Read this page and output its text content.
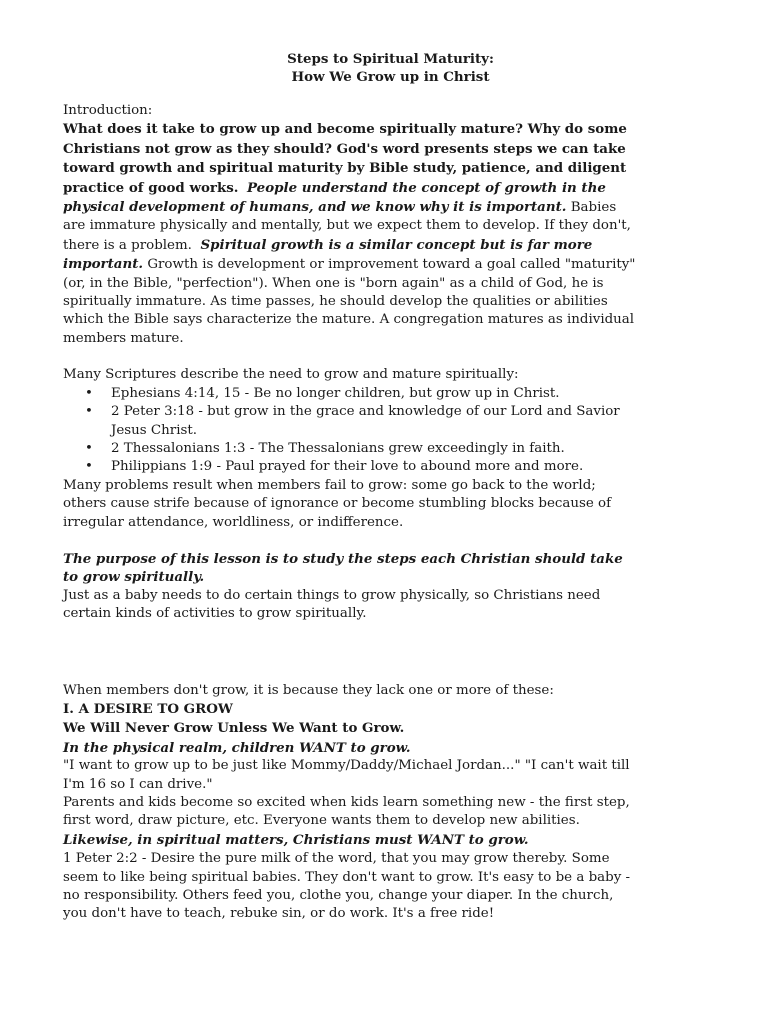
Steps to Spiritual Maturity:
How We Grow up in Christ

Introduction:

What does it take to grow up and become spiritually mature? Why do some Christians not grow as they should? God's word presents steps we can take toward growth and spiritual maturity by Bible study, patience, and diligent practice of good works. People understand the concept of growth in the physical development of humans, and we know why it is important. Babies are immature physically and mentally, but we expect them to develop. If they don't, there is a problem. Spiritual growth is a similar concept but is far more important. Growth is development or improvement toward a goal called "maturity" (or, in the Bible, "perfection"). When one is "born again" as a child of God, he is spiritually immature. As time passes, he should develop the qualities or abilities which the Bible says characterize the mature. A congregation matures as individual members mature.

Many Scriptures describe the need to grow and mature spiritually:

• Ephesians 4:14, 15 - Be no longer children, but grow up in Christ.
• 2 Peter 3:18 - but grow in the grace and knowledge of our Lord and Savior Jesus Christ.
• 2 Thessalonians 1:3 - The Thessalonians grew exceedingly in faith.
• Philippians 1:9 - Paul prayed for their love to abound more and more.

Many problems result when members fail to grow: some go back to the world; others cause strife because of ignorance or become stumbling blocks because of irregular attendance, worldliness, or indifference.

The purpose of this lesson is to study the steps each Christian should take to grow spiritually.

Just as a baby needs to do certain things to grow physically, so Christians need certain kinds of activities to grow spiritually.

When members don't grow, it is because they lack one or more of these:

I. A DESIRE TO GROW

We Will Never Grow Unless We Want to Grow.

In the physical realm, children WANT to grow.

"I want to grow up to be just like Mommy/Daddy/Michael Jordan..." "I can't wait till I'm 16 so I can drive."

Parents and kids become so excited when kids learn something new - the first step, first word, draw picture, etc. Everyone wants them to develop new abilities.  Likewise, in spiritual matters, Christians must WANT to grow.

1 Peter 2:2 - Desire the pure milk of the word, that you may grow thereby. Some seem to like being spiritual babies. They don't want to grow. It's easy to be a baby - no responsibility. Others feed you, clothe you, change your diaper. In the church, you don't have to teach, rebuke sin, or do work. It's a free ride!
